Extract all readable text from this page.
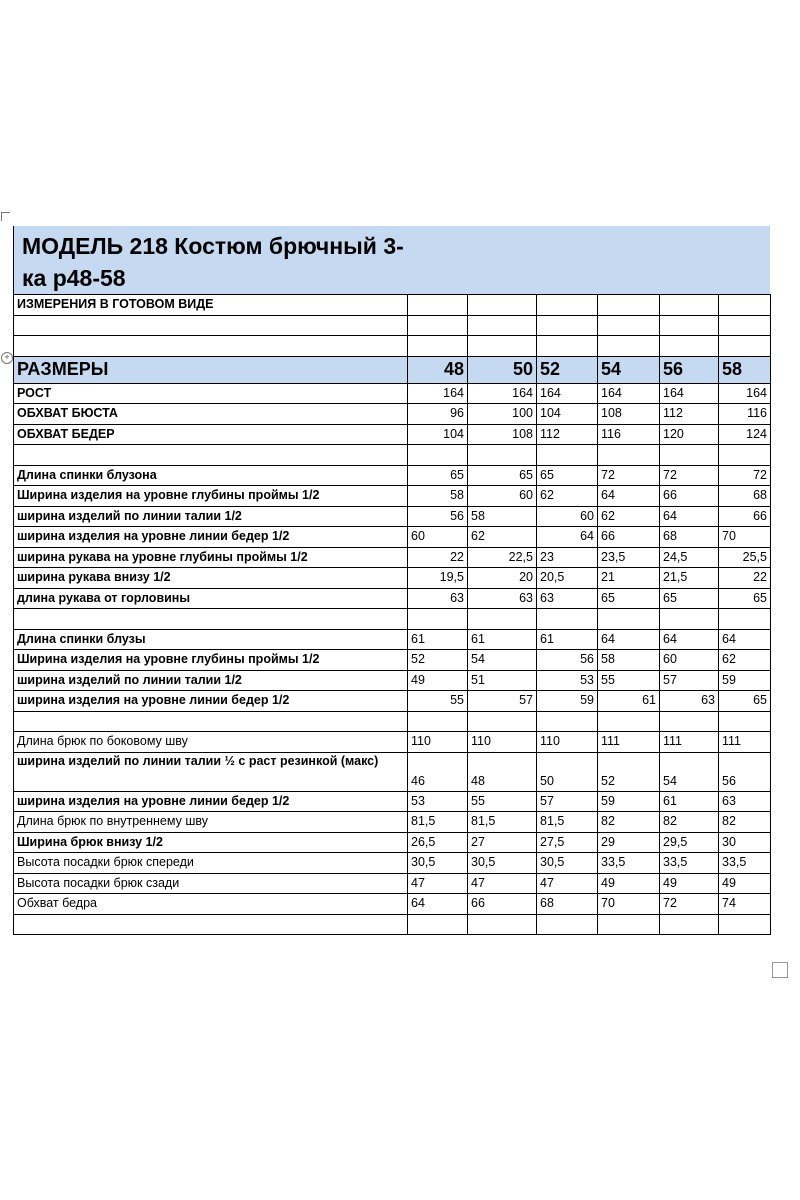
+
МОДЕЛЬ 218 Костюм брючный 3-
ка р48-58
ИЗМЕРЕНИЯ В ГОТОВОМ ВИДЕ						

РАЗМЕРЫ	48	50	52	54	56	58
РОСТ	164	164	164	164	164	164
ОБХВАТ БЮСТА	96	100	104	108	112	116
ОБХВАТ БЕДЕР	104	108	112	116	120	124

Длина спинки блузона	65	65	65	72	72	72
Ширина изделия на уровне глубины проймы 1/2	58	60	62	64	66	68
ширина изделий по линии талии 1/2	56	58	60	62	64	66
ширина изделия на уровне линии бедер 1/2	60	62	64	66	68	70
ширина рукава на уровне глубины проймы 1/2	22	22,5	23	23,5	24,5	25,5
ширина рукава внизу 1/2	19,5	20	20,5	21	21,5	22
длина рукава от горловины	63	63	63	65	65	65

Длина спинки блузы	61	61	61	64	64	64
Ширина изделия на уровне глубины проймы 1/2	52	54	56	58	60	62
ширина изделий по линии талии 1/2	49	51	53	55	57	59
ширина изделия на уровне линии бедер 1/2	55	57	59	61	63	65

Длина брюк по боковому шву	110	110	110	111	111	111
ширина изделий по линии талии ½ с раст резинкой (макс)	46	48	50	52	54	56
ширина изделия на уровне линии бедер 1/2	53	55	57	59	61	63
Длина брюк по внутреннему шву	81,5	81,5	81,5	82	82	82
Ширина брюк внизу 1/2	26,5	27	27,5	29	29,5	30
Высота посадки брюк спереди	30,5	30,5	30,5	33,5	33,5	33,5
Высота посадки брюк сзади	47	47	47	49	49	49
Обхват бедра	64	66	68	70	72	74
